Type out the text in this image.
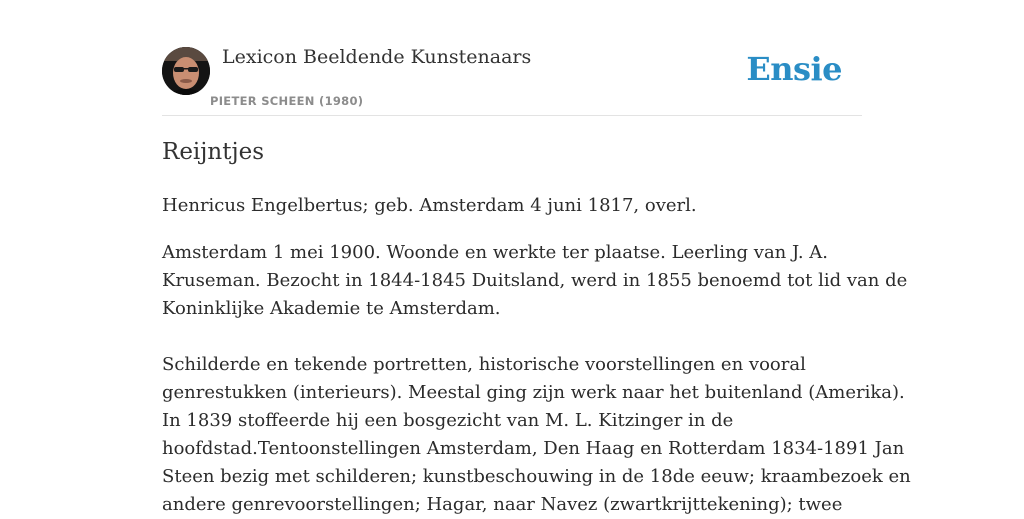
Lexicon Beeldende Kunstenaars
PIETER SCHEEN (1980)
Ensie
Reijntjes

Henricus Engelbertus; geb. Amsterdam 4 juni 1817, overl.

Amsterdam 1 mei 1900. Woonde en werkte ter plaatse. Leerling van J. A.
Kruseman. Bezocht in 1844-1845 Duitsland, werd in 1855 benoemd tot lid van de
Koninklijke Akademie te Amsterdam.

Schilderde en tekende portretten, historische voorstellingen en vooral
genrestukken (interieurs). Meestal ging zijn werk naar het buitenland (Amerika).
In 1839 stoffeerde hij een bosgezicht van M. L. Kitzinger in de
hoofdstad.Tentoonstellingen Amsterdam, Den Haag en Rotterdam 1834-1891 Jan
Steen bezig met schilderen; kunstbeschouwing in de 18de eeuw; kraambezoek en
andere genrevoorstellingen; Hagar, naar Navez (zwartkrijttekening); twee
